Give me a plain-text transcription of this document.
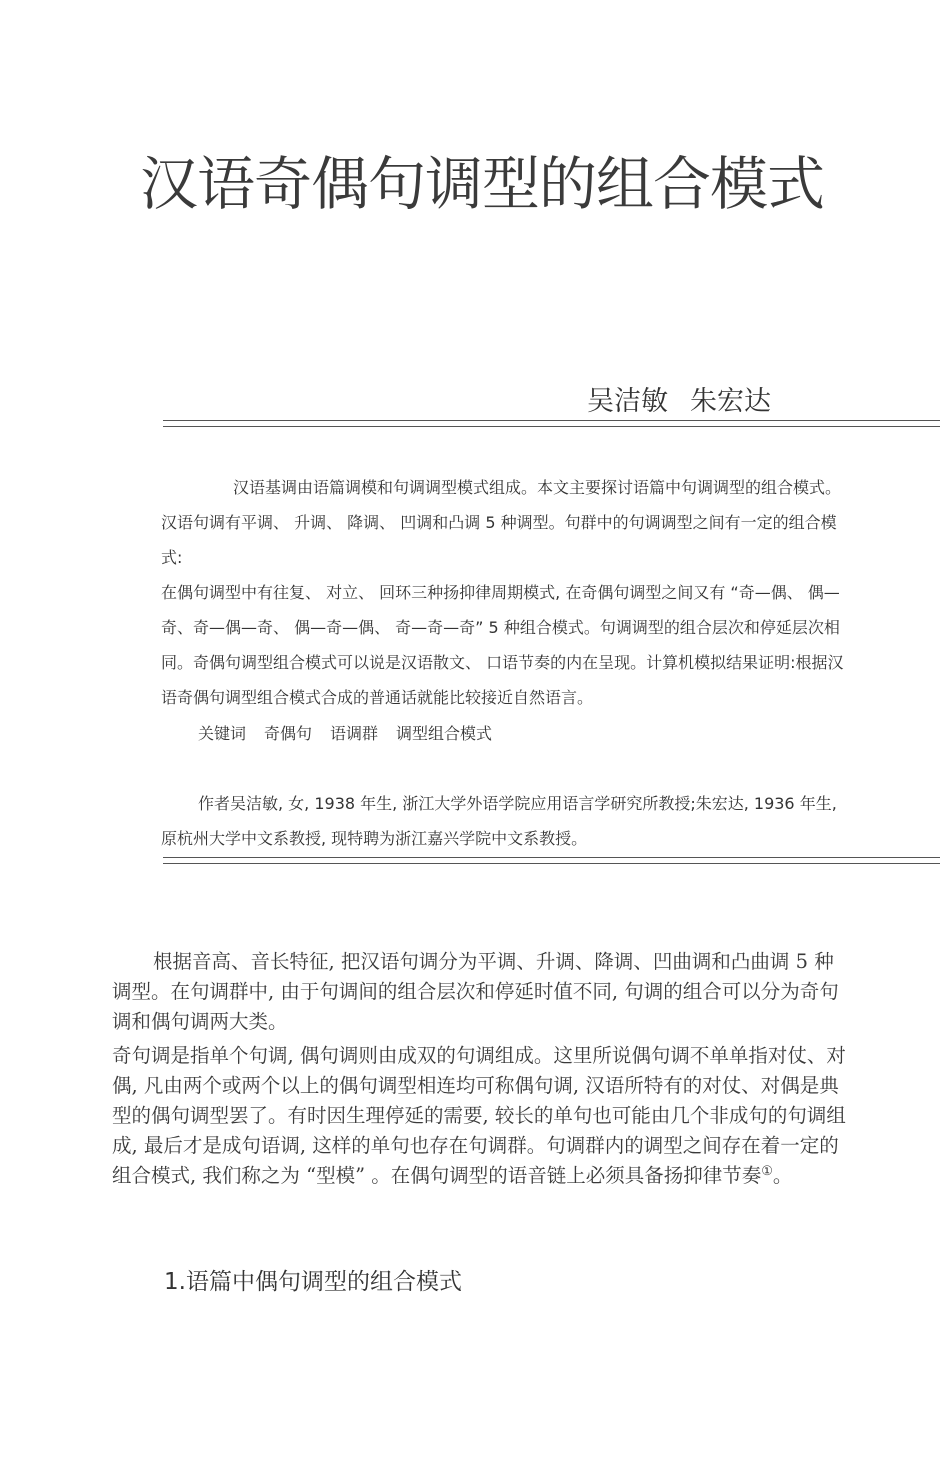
汉语奇偶句调型的组合模式
吴洁敏 朱宏达

汉语基调由语篇调模和句调调型模式组成。本文主要探讨语篇中句调调型的组合模式。汉语句调有平调、 升调、 降调、 凹调和凸调 5 种调型。句群中的句调调型之间有一定的组合模式:

在偶句调型中有往复、 对立、 回环三种扬抑律周期模式, 在奇偶句调型之间又有 “奇—偶、 偶— 奇、奇—偶—奇、 偶—奇—偶、 奇—奇—奇” 5 种组合模式。句调调型的组合层次和停延层次相同。奇偶句调型组合模式可以说是汉语散文、 口语节奏的内在呈现。计算机模拟结果证明:根据汉语奇偶句调型组合模式合成的普通话就能比较接近自然语言。

关键词 奇偶句 语调群 调型组合模式

作者吴洁敏, 女, 1938 年生, 浙江大学外语学院应用语言学研究所教授;朱宏达, 1936 年生, 原杭州大学中文系教授, 现特聘为浙江嘉兴学院中文系教授。

根据音高、音长特征, 把汉语句调分为平调、升调、降调、凹曲调和凸曲调 5 种调型。在句调群中, 由于句调间的组合层次和停延时值不同, 句调的组合可以分为奇句调和偶句调两大类。

奇句调是指单个句调, 偶句调则由成双的句调组成。这里所说偶句调不单单指对仗、对偶, 凡由两个或两个以上的偶句调型相连均可称偶句调, 汉语所特有的对仗、对偶是典型的偶句调型罢了。有时因生理停延的需要, 较长的单句也可能由几个非成句的句调组成, 最后才是成句语调, 这样的单句也存在句调群。句调群内的调型之间存在着一定的组合模式, 我们称之为 “型模” 。在偶句调型的语音链上必须具备扬抑律节奏①。

1.语篇中偶句调型的组合模式
